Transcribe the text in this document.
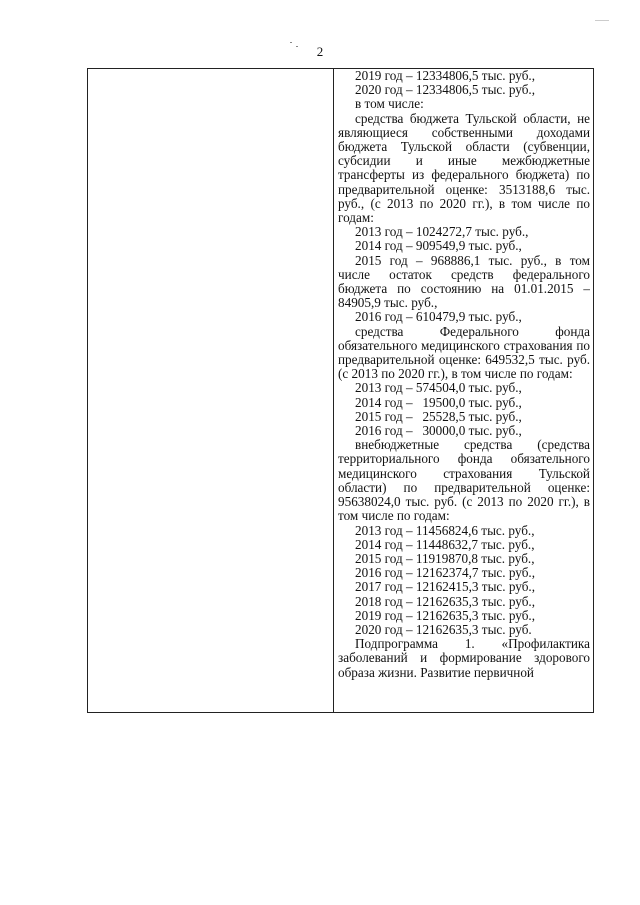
2

2019 год – 12334806,5 тыс. руб.,

2020 год – 12334806,5 тыс. руб.,

в том числе:

средства бюджета Тульской области, не являющиеся собственными доходами бюджета Тульской области (субвенции, субсидии и иные межбюджетные трансферты из федерального бюджета) по предварительной оценке: 3513188,6 тыс. руб., (с 2013 по 2020 гг.), в том числе по годам:

2013 год – 1024272,7 тыс. руб.,

2014 год – 909549,9 тыс. руб.,

2015 год – 968886,1 тыс. руб., в том числе остаток средств федерального бюджета по состоянию на 01.01.2015 – 84905,9 тыс. руб.,

2016 год – 610479,9 тыс. руб.,

средства Федерального фонда обязательного медицинского страхования по предварительной оценке: 649532,5 тыс. руб. (с 2013 по 2020 гг.), в том числе по годам:

2013 год – 574504,0 тыс. руб.,

2014 год –   19500,0 тыс. руб.,

2015 год –   25528,5 тыс. руб.,

2016 год –   30000,0 тыс. руб.,

внебюджетные средства (средства территориального фонда обязательного медицинского страхования Тульской области) по предварительной оценке: 95638024,0 тыс. руб. (с 2013 по 2020 гг.), в том числе по годам:

2013 год – 11456824,6 тыс. руб.,

2014 год – 11448632,7 тыс. руб.,

2015 год – 11919870,8 тыс. руб.,

2016 год – 12162374,7 тыс. руб.,

2017 год – 12162415,3 тыс. руб.,

2018 год – 12162635,3 тыс. руб.,

2019 год – 12162635,3 тыс. руб.,

2020 год – 12162635,3 тыс. руб.

Подпрограмма 1. «Профилактика заболеваний и формирование здорового образа жизни. Развитие первичной
